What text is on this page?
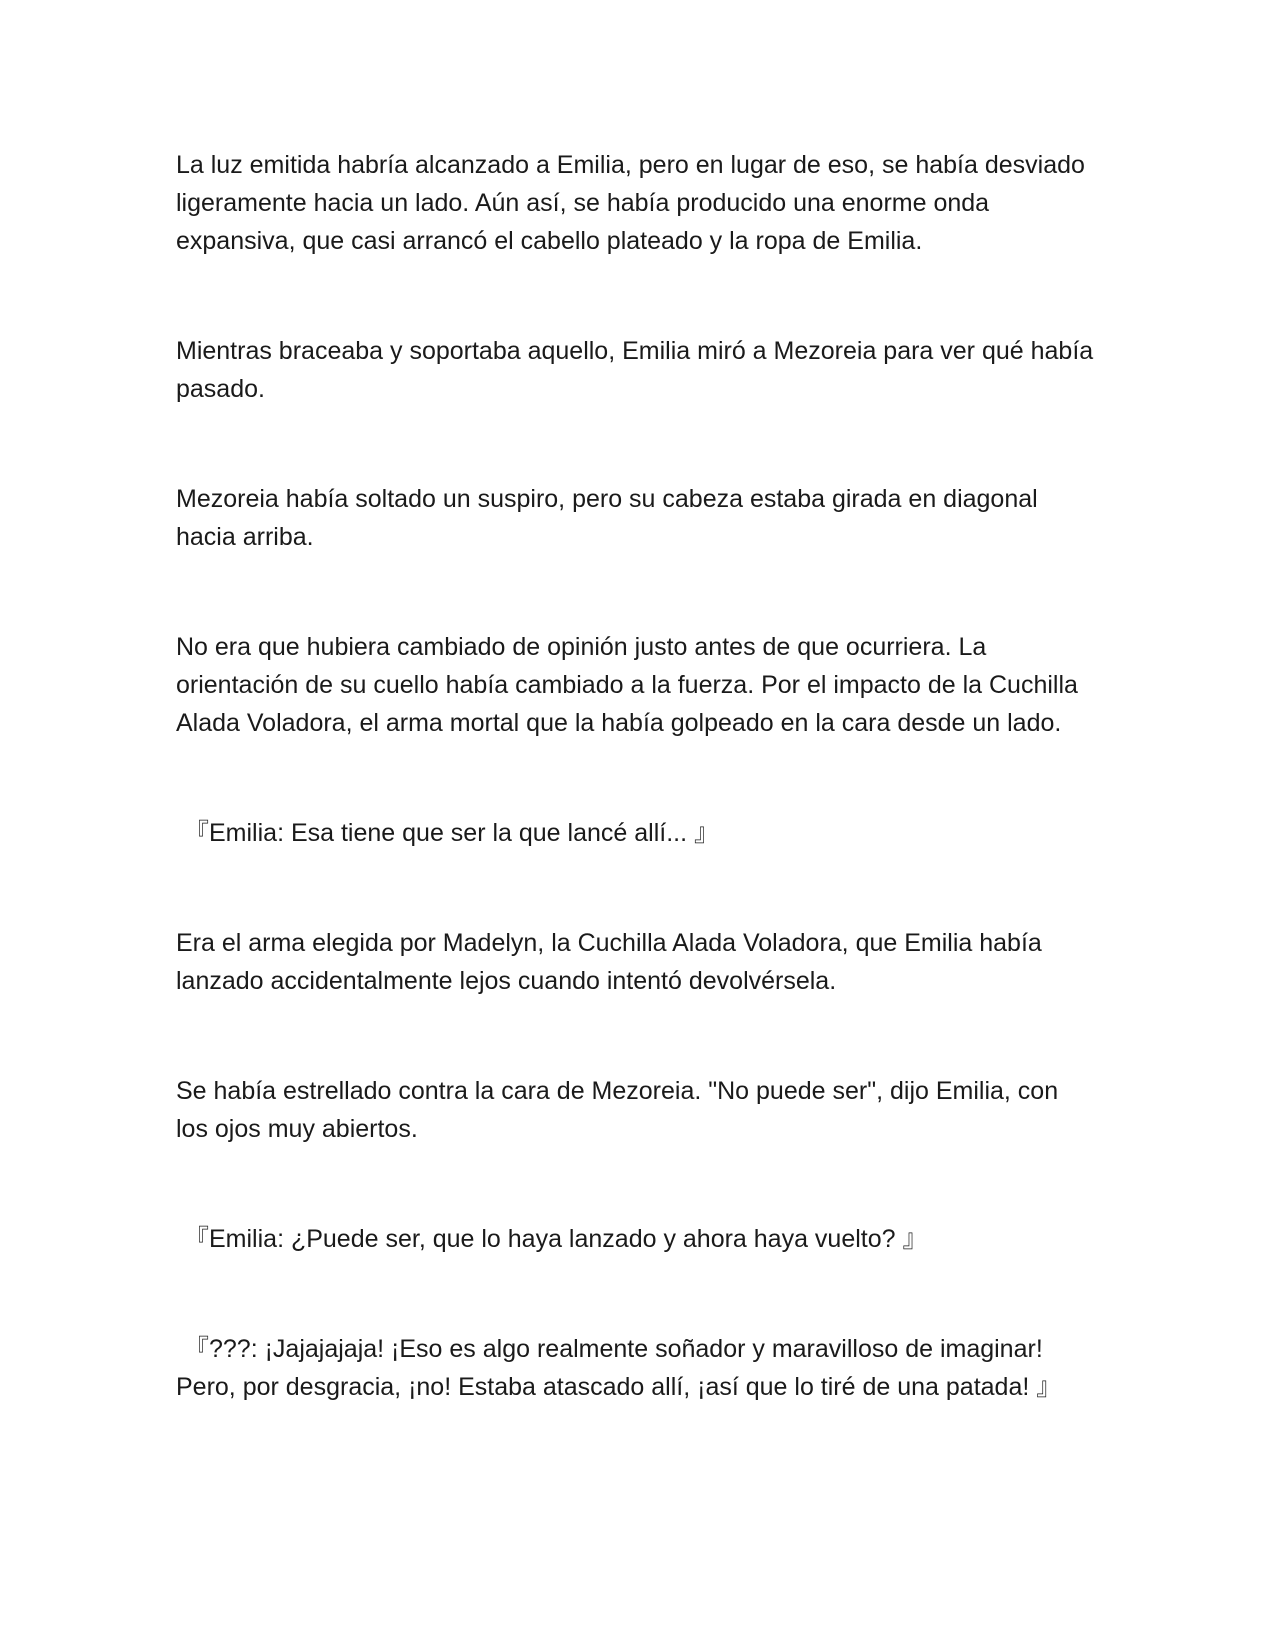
La luz emitida habría alcanzado a Emilia, pero en lugar de eso, se había desviado ligeramente hacia un lado. Aún así, se había producido una enorme onda expansiva, que casi arrancó el cabello plateado y la ropa de Emilia.

Mientras braceaba y soportaba aquello, Emilia miró a Mezoreia para ver qué había pasado.

Mezoreia había soltado un suspiro, pero su cabeza estaba girada en diagonal hacia arriba.

No era que hubiera cambiado de opinión justo antes de que ocurriera. La orientación de su cuello había cambiado a la fuerza. Por el impacto de la Cuchilla Alada Voladora, el arma mortal que la había golpeado en la cara desde un lado.

『Emilia: Esa tiene que ser la que lancé allí... 』

Era el arma elegida por Madelyn, la Cuchilla Alada Voladora, que Emilia había lanzado accidentalmente lejos cuando intentó devolvérsela.

Se había estrellado contra la cara de Mezoreia. "No puede ser", dijo Emilia, con los ojos muy abiertos.

『Emilia: ¿Puede ser, que lo haya lanzado y ahora haya vuelto? 』

『???: ¡Jajajajaja! ¡Eso es algo realmente soñador y maravilloso de imaginar! Pero, por desgracia, ¡no! Estaba atascado allí, ¡así que lo tiré de una patada! 』
